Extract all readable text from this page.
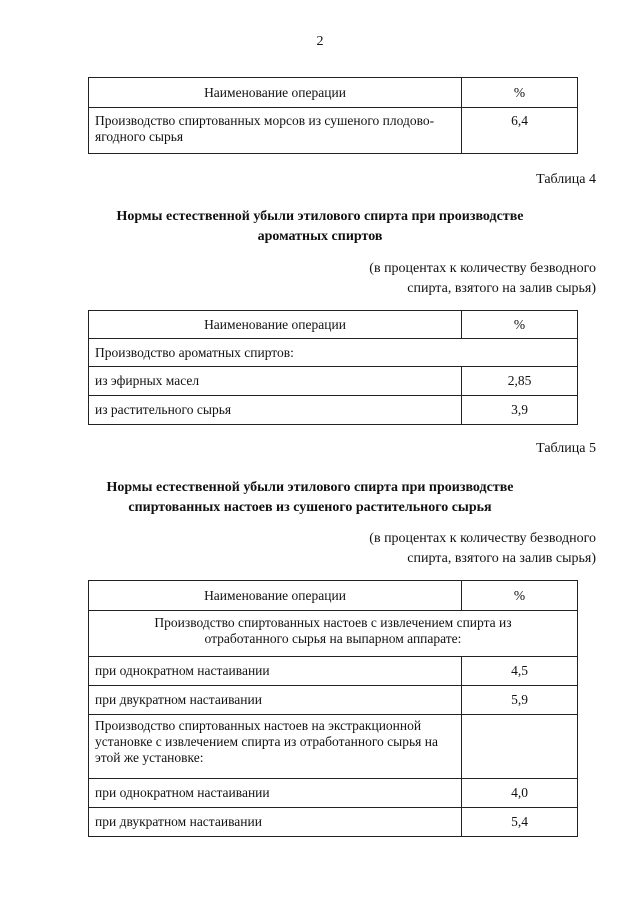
2
Наименование операции	%
Производство спиртованных морсов из сушеного плодово-ягодного сырья	6,4
Таблица 4
Нормы естественной убыли этилового спирта при производстве
ароматных спиртов
(в процентах к количеству безводного
спирта, взятого на залив сырья)
Наименование операции	%
Производство ароматных спиртов:	
из эфирных масел	2,85
из растительного сырья	3,9
Таблица 5
Нормы естественной убыли этилового спирта при производстве
спиртованных настоев из сушеного растительного сырья
(в процентах к количеству безводного
спирта, взятого на залив сырья)
Наименование операции	%
Производство спиртованных настоев с извлечением спирта из отработанного сырья на выпарном аппарате:	
при однократном настаивании	4,5
при двукратном настаивании	5,9
Производство спиртованных настоев на экстракционной установке с извлечением спирта из отработанного сырья на этой же установке:	
при однократном настаивании	4,0
при двукратном настаивании	5,4
